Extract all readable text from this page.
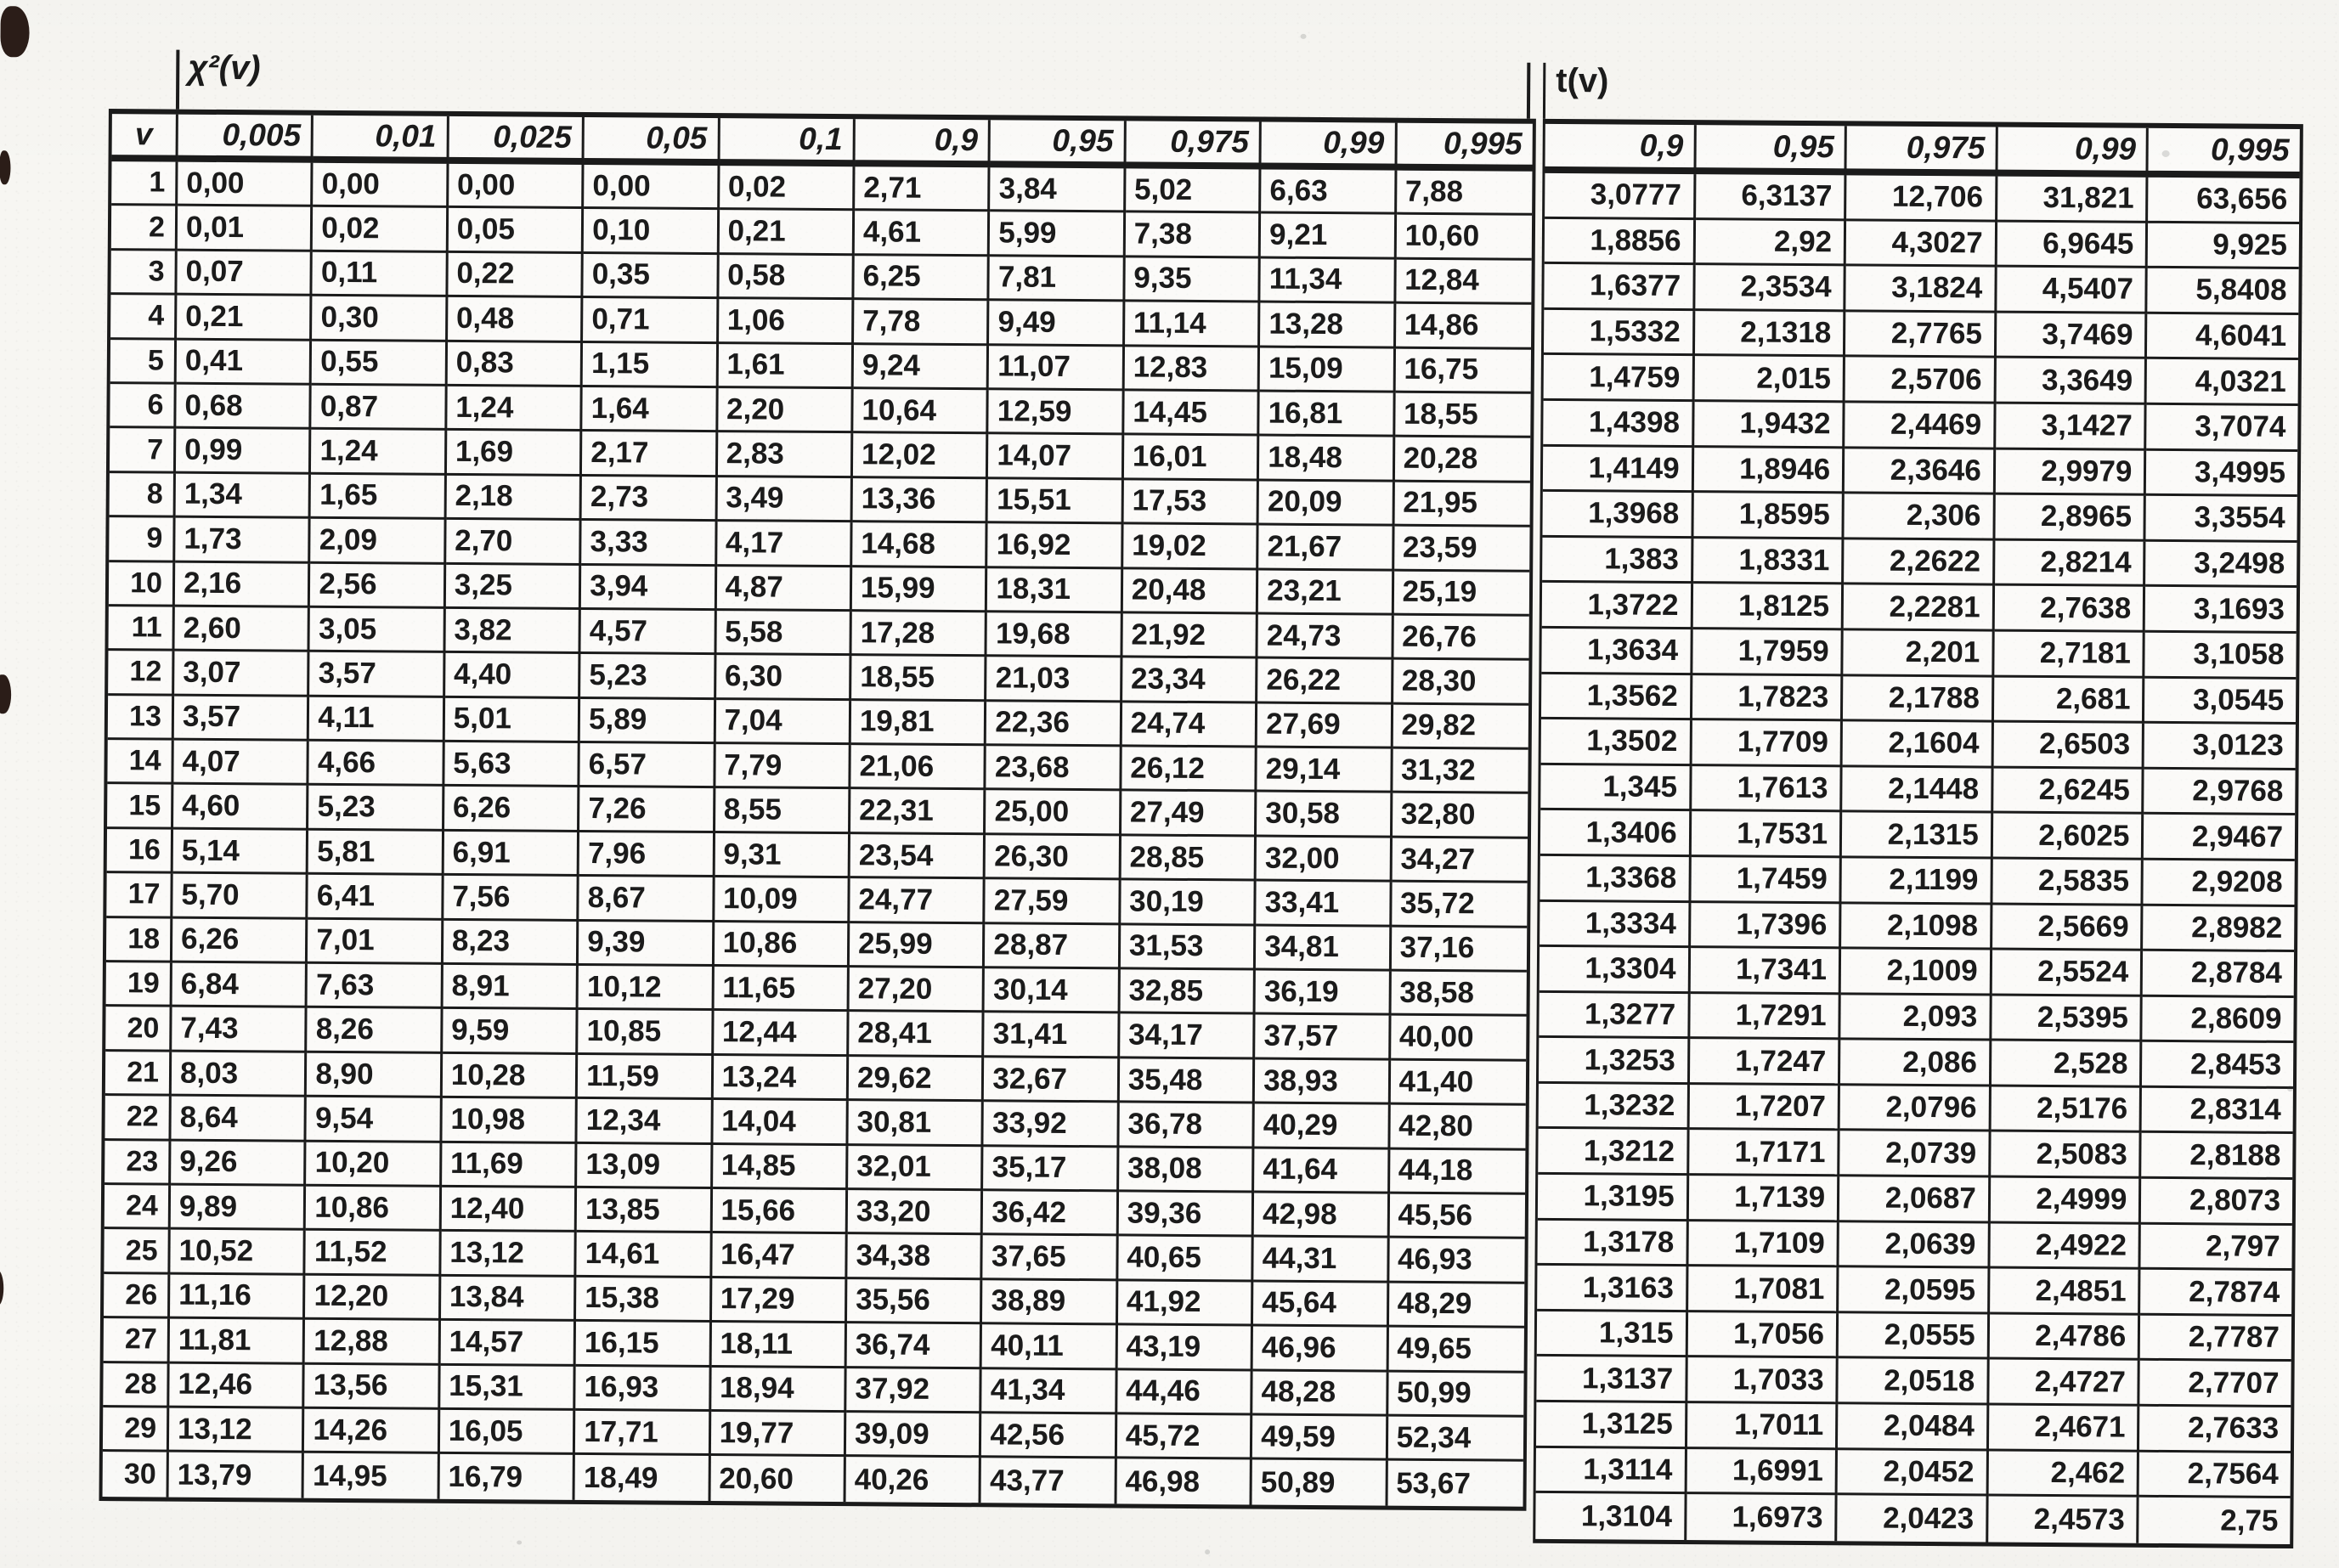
χ²(v)	t(v)
v	0,005	0,01	0,025	0,05	0,1	0,9	0,95	0,975	0,99	0,995
1 0,00	0,00	0,00	0,00	0,02	2,71	3,84	5,02	6,63	7,88
2 0,01	0,02	0,05	0,10	0,21	4,61	5,99	7,38	9,21	10,60
3 0,07	0,11	0,22	0,35	0,58	6,25	7,81	9,35	11,34	12,84
4 0,21	0,30	0,48	0,71	1,06	7,78	9,49	11,14	13,28	14,86
5 0,41	0,55	0,83	1,15	1,61	9,24	11,07	12,83	15,09	16,75
6 0,68	0,87	1,24	1,64	2,20	10,64	12,59	14,45	16,81	18,55
7 0,99	1,24	1,69	2,17	2,83	12,02	14,07	16,01	18,48	20,28
8 1,34	1,65	2,18	2,73	3,49	13,36	15,51	17,53	20,09	21,95
9 1,73	2,09	2,70	3,33	4,17	14,68	16,92	19,02	21,67	23,59
10 2,16	2,56	3,25	3,94	4,87	15,99	18,31	20,48	23,21	25,19
11 2,60	3,05	3,82	4,57	5,58	17,28	19,68	21,92	24,73	26,76
12 3,07	3,57	4,40	5,23	6,30	18,55	21,03	23,34	26,22	28,30
13 3,57	4,11	5,01	5,89	7,04	19,81	22,36	24,74	27,69	29,82
14 4,07	4,66	5,63	6,57	7,79	21,06	23,68	26,12	29,14	31,32
15 4,60	5,23	6,26	7,26	8,55	22,31	25,00	27,49	30,58	32,80
16 5,14	5,81	6,91	7,96	9,31	23,54	26,30	28,85	32,00	34,27
17 5,70	6,41	7,56	8,67	10,09	24,77	27,59	30,19	33,41	35,72
18 6,26	7,01	8,23	9,39	10,86	25,99	28,87	31,53	34,81	37,16
19 6,84	7,63	8,91	10,12	11,65	27,20	30,14	32,85	36,19	38,58
20 7,43	8,26	9,59	10,85	12,44	28,41	31,41	34,17	37,57	40,00
21 8,03	8,90	10,28	11,59	13,24	29,62	32,67	35,48	38,93	41,40
22 8,64	9,54	10,98	12,34	14,04	30,81	33,92	36,78	40,29	42,80
23 9,26	10,20	11,69	13,09	14,85	32,01	35,17	38,08	41,64	44,18
24 9,89	10,86	12,40	13,85	15,66	33,20	36,42	39,36	42,98	45,56
25 10,52	11,52	13,12	14,61	16,47	34,38	37,65	40,65	44,31	46,93
26 11,16	12,20	13,84	15,38	17,29	35,56	38,89	41,92	45,64	48,29
27 11,81	12,88	14,57	16,15	18,11	36,74	40,11	43,19	46,96	49,65
28 12,46	13,56	15,31	16,93	18,94	37,92	41,34	44,46	48,28	50,99
29 13,12	14,26	16,05	17,71	19,77	39,09	42,56	45,72	49,59	52,34
30 13,79	14,95	16,79	18,49	20,60	40,26	43,77	46,98	50,89	53,67
0,9	0,95	0,975	0,99	0,995
3,0777	6,3137	12,706	31,821	63,656
1,8856	2,92	4,3027	6,9645	9,925
1,6377	2,3534	3,1824	4,5407	5,8408
1,5332	2,1318	2,7765	3,7469	4,6041
1,4759	2,015	2,5706	3,3649	4,0321
1,4398	1,9432	2,4469	3,1427	3,7074
1,4149	1,8946	2,3646	2,9979	3,4995
1,3968	1,8595	2,306	2,8965	3,3554
1,383	1,8331	2,2622	2,8214	3,2498
1,3722	1,8125	2,2281	2,7638	3,1693
1,3634	1,7959	2,201	2,7181	3,1058
1,3562	1,7823	2,1788	2,681	3,0545
1,3502	1,7709	2,1604	2,6503	3,0123
1,345	1,7613	2,1448	2,6245	2,9768
1,3406	1,7531	2,1315	2,6025	2,9467
1,3368	1,7459	2,1199	2,5835	2,9208
1,3334	1,7396	2,1098	2,5669	2,8982
1,3304	1,7341	2,1009	2,5524	2,8784
1,3277	1,7291	2,093	2,5395	2,8609
1,3253	1,7247	2,086	2,528	2,8453
1,3232	1,7207	2,0796	2,5176	2,8314
1,3212	1,7171	2,0739	2,5083	2,8188
1,3195	1,7139	2,0687	2,4999	2,8073
1,3178	1,7109	2,0639	2,4922	2,797
1,3163	1,7081	2,0595	2,4851	2,7874
1,315	1,7056	2,0555	2,4786	2,7787
1,3137	1,7033	2,0518	2,4727	2,7707
1,3125	1,7011	2,0484	2,4671	2,7633
1,3114	1,6991	2,0452	2,462	2,7564
1,3104	1,6973	2,0423	2,4573	2,75
